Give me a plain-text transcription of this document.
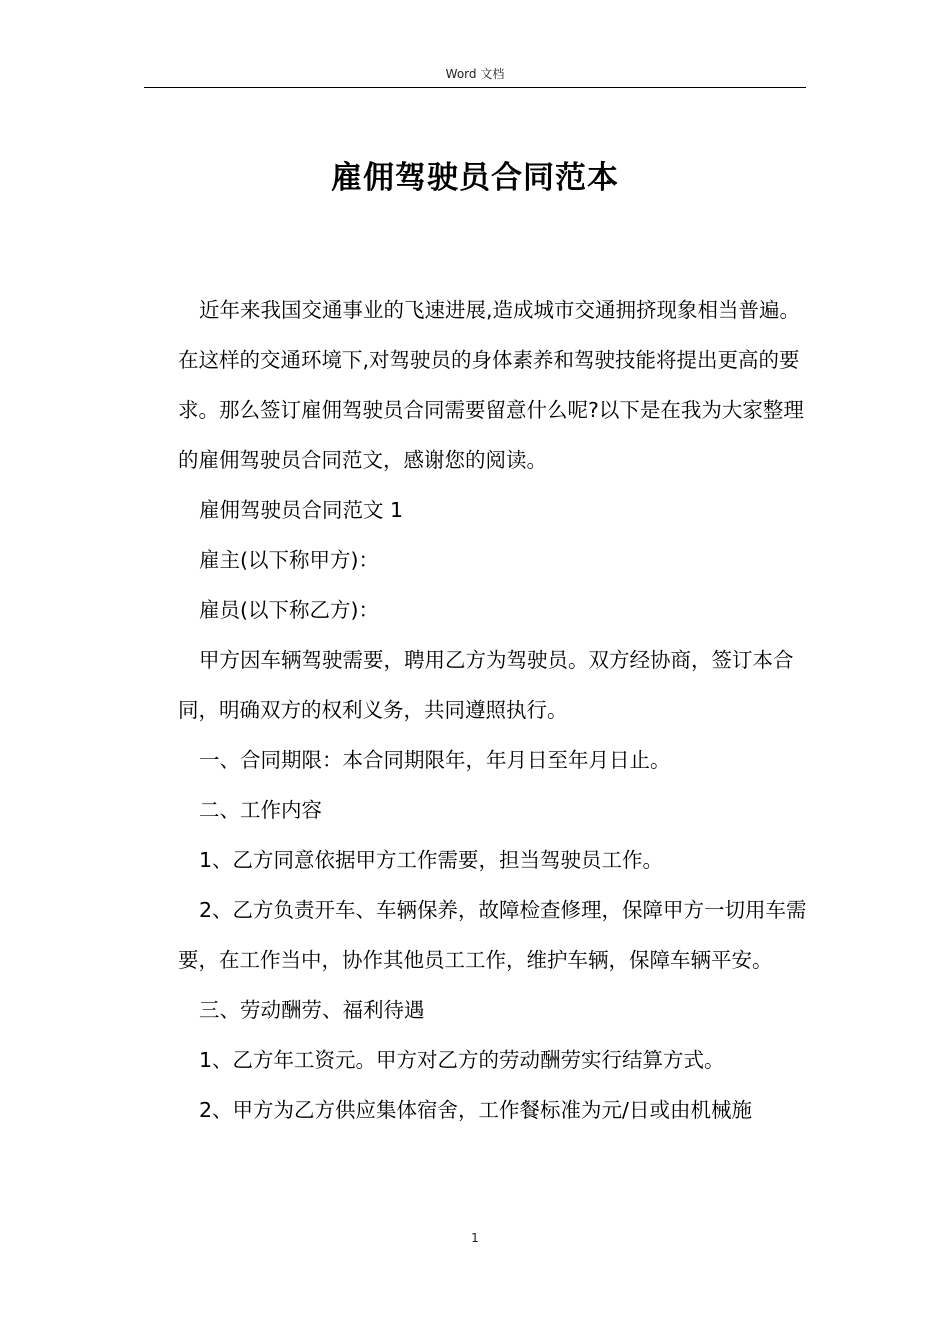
Word 文档
雇佣驾驶员合同范本

近年来我国交通事业的飞速进展,造成城市交通拥挤现象相当普遍。在这样的交通环境下,对驾驶员的身体素养和驾驶技能将提出更高的要求。那么签订雇佣驾驶员合同需要留意什么呢?以下是在我为大家整理的雇佣驾驶员合同范文，感谢您的阅读。

雇佣驾驶员合同范文 1

雇主(以下称甲方)：

雇员(以下称乙方)：

甲方因车辆驾驶需要，聘用乙方为驾驶员。双方经协商，签订本合同，明确双方的权利义务，共同遵照执行。

一、合同期限：本合同期限年，年月日至年月日止。

二、工作内容

1、乙方同意依据甲方工作需要，担当驾驶员工作。

2、乙方负责开车、车辆保养，故障检查修理，保障甲方一切用车需要，在工作当中，协作其他员工工作，维护车辆，保障车辆平安。

三、劳动酬劳、福利待遇

1、乙方年工资元。甲方对乙方的劳动酬劳实行结算方式。

2、甲方为乙方供应集体宿舍，工作餐标准为元/日或由机械施

1
